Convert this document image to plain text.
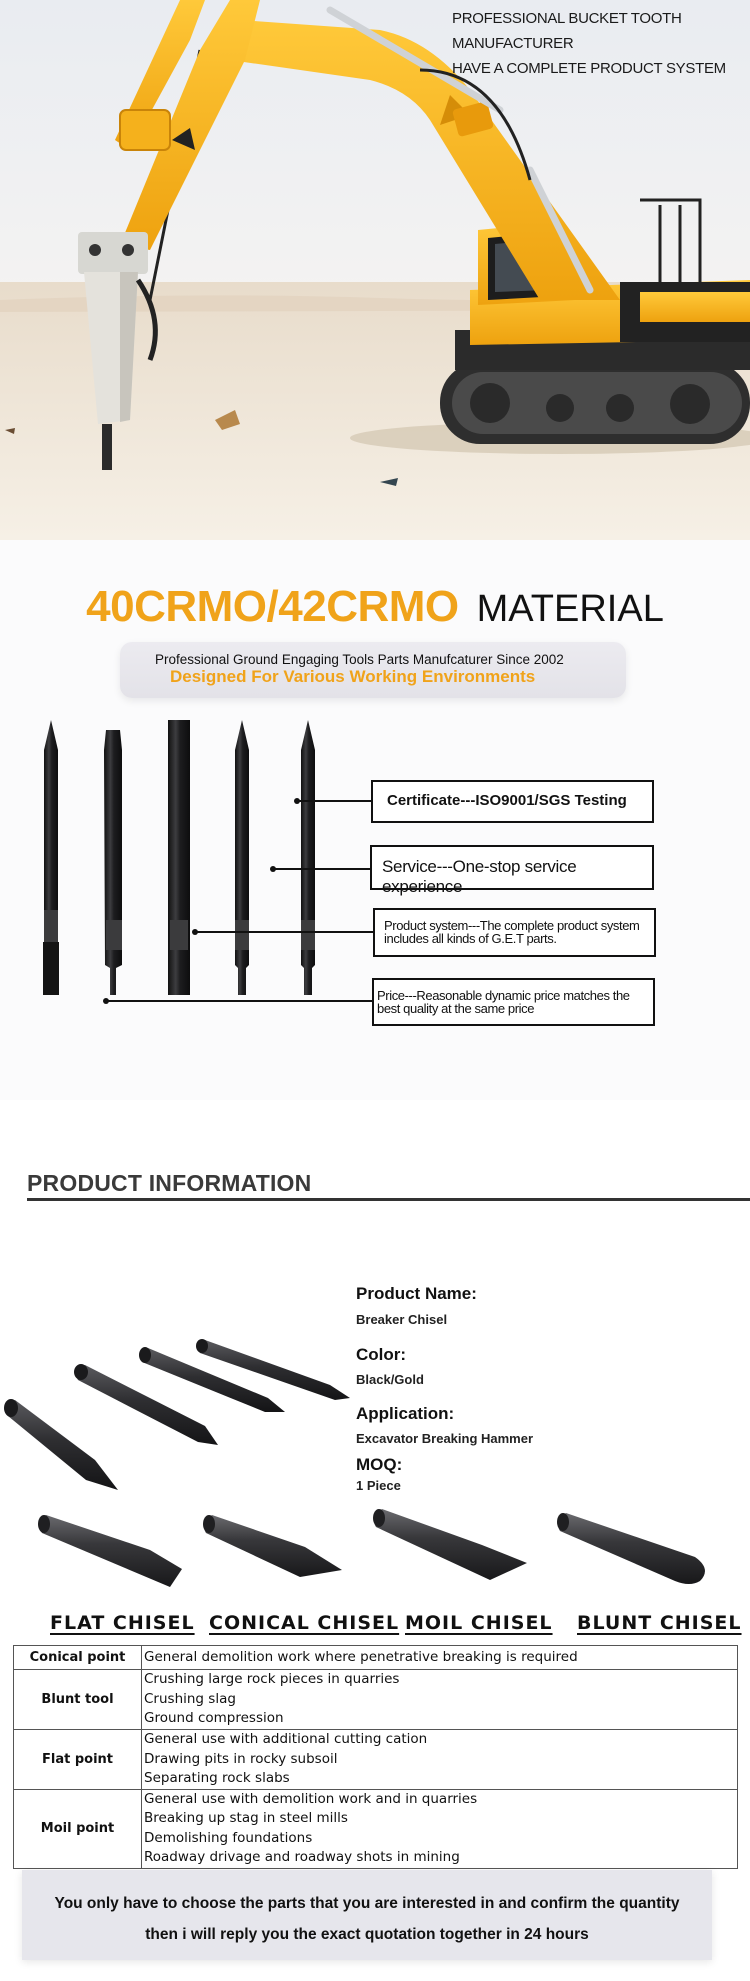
PROFESSIONAL BUCKET TOOTH MANUFACTURER
HAVE A COMPLETE PRODUCT SYSTEM
40CRMO/42CRMO MATERIAL
Professional Ground Engaging Tools Parts Manufcaturer Since 2002
Designed For Various Working Environments
Certificate---ISO9001/SGS Testing
Service---One-stop service experience
Product system---The complete product system
includes all kinds of G.E.T parts.
Price---Reasonable dynamic price matches the
best quality at the same price
PRODUCT INFORMATION
Product Name:
Breaker Chisel
Color:
Black/Gold
Application:
Excavator Breaking Hammer
MOQ:
1 Piece
FLAT CHISEL CONICAL CHISEL MOIL CHISEL BLUNT CHISEL
Conical point	General demolition work where penetrative breaking is required

Blunt tool	Crushing large rock pieces in quarries
Crushing slag
Ground compression

Flat point	General use with additional cutting cation
Drawing pits in rocky subsoil
Separating rock slabs

Moil point	General use with demolition work and in quarries
Breaking up stag in steel mills
Demolishing foundations
Roadway drivage and roadway shots in mining
You only have to choose the parts that you are interested in and confirm the quantity
then i will reply you the exact quotation together in 24 hours
